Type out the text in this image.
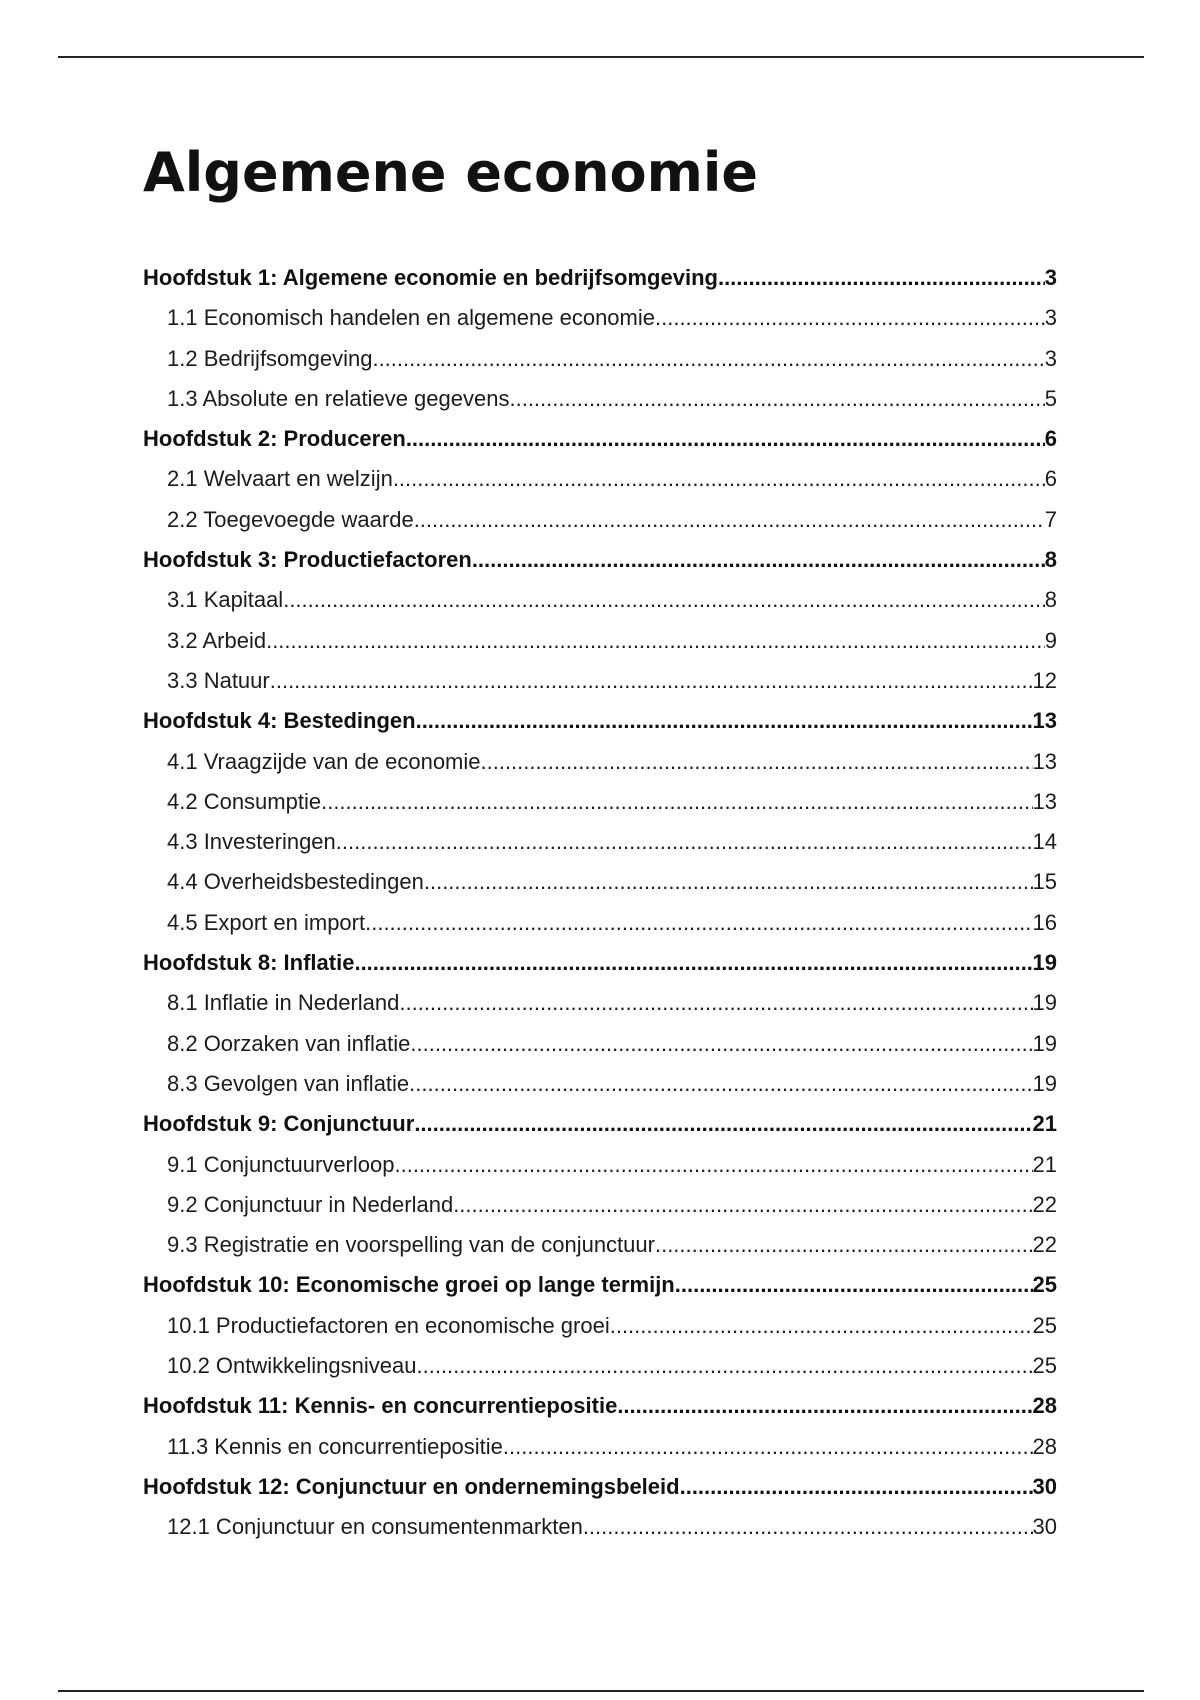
Algemene economie
Hoofdstuk 1: Algemene economie en bedrijfsomgeving .....	3
1.1 Economisch handelen en algemene economie .....	3
1.2 Bedrijfsomgeving .....	3
1.3 Absolute en relatieve gegevens .....	5
Hoofdstuk 2: Produceren .....	6
2.1 Welvaart en welzijn .....	6
2.2 Toegevoegde waarde .....	7
Hoofdstuk 3: Productiefactoren .....	8
3.1 Kapitaal .....	8
3.2 Arbeid .....	9
3.3 Natuur .....	12
Hoofdstuk 4: Bestedingen .....	13
4.1 Vraagzijde van de economie .....	13
4.2 Consumptie .....	13
4.3 Investeringen .....	14
4.4 Overheidsbestedingen .....	15
4.5 Export en import .....	16
Hoofdstuk 8: Inflatie .....	19
8.1 Inflatie in Nederland .....	19
8.2 Oorzaken van inflatie .....	19
8.3 Gevolgen van inflatie .....	19
Hoofdstuk 9: Conjunctuur .....	21
9.1 Conjunctuurverloop .....	21
9.2 Conjunctuur in Nederland .....	22
9.3 Registratie en voorspelling van de conjunctuur .....	22
Hoofdstuk 10: Economische groei op lange termijn .....	25
10.1 Productiefactoren en economische groei .....	25
10.2 Ontwikkelingsniveau .....	25
Hoofdstuk 11: Kennis- en concurrentiepositie .....	28
11.3 Kennis en concurrentiepositie .....	28
Hoofdstuk 12: Conjunctuur en ondernemingsbeleid .....	30
12.1 Conjunctuur en consumentenmarkten .....	30
